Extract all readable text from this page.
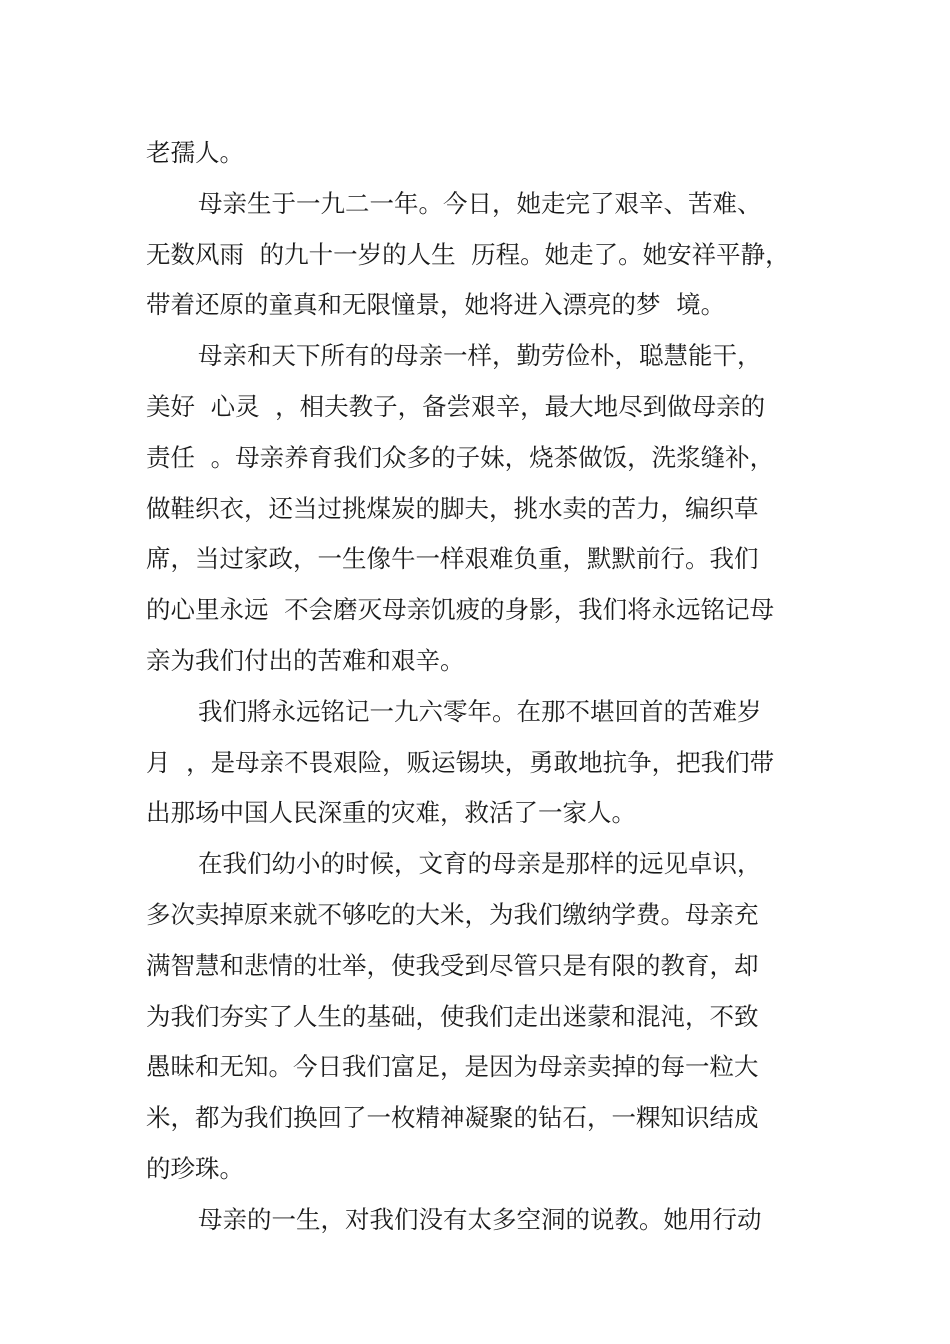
老孺人。
母亲生于一九二一年。今日，她走完了艰辛、苦难、
无数风雨  的九十一岁的人生  历程。她走了。她安祥平静，
带着还原的童真和无限憧景，她将进入漂亮的梦  境。
母亲和天下所有的母亲一样，勤劳俭朴，聪慧能干，
美好  心灵  ，相夫教子，备尝艰辛，最大地尽到做母亲的
责任  。母亲养育我们众多的子妹，烧茶做饭，洗浆缝补，
做鞋织衣，还当过挑煤炭的脚夫，挑水卖的苦力，编织草
席，当过家政，一生像牛一样艰难负重，默默前行。我们
的心里永远  不会磨灭母亲饥疲的身影，我们将永远铭记母
亲为我们付出的苦难和艰辛。
我们將永远铭记一九六零年。在那不堪回首的苦难岁
月  ，是母亲不畏艰险，贩运锡块，勇敢地抗争，把我们带
出那场中国人民深重的灾难，救活了一家人。
在我们幼小的时候，文育的母亲是那样的远见卓识，
多次卖掉原来就不够吃的大米，为我们缴纳学费。母亲充
满智慧和悲情的壮举，使我受到尽管只是有限的教育，却
为我们夯实了人生的基础，使我们走出迷蒙和混沌，不致
愚昧和无知。今日我们富足，是因为母亲卖掉的每一粒大
米，都为我们换回了一枚精神凝聚的钻石，一粿知识结成
的珍珠。
母亲的一生，对我们没有太多空洞的说教。她用行动
